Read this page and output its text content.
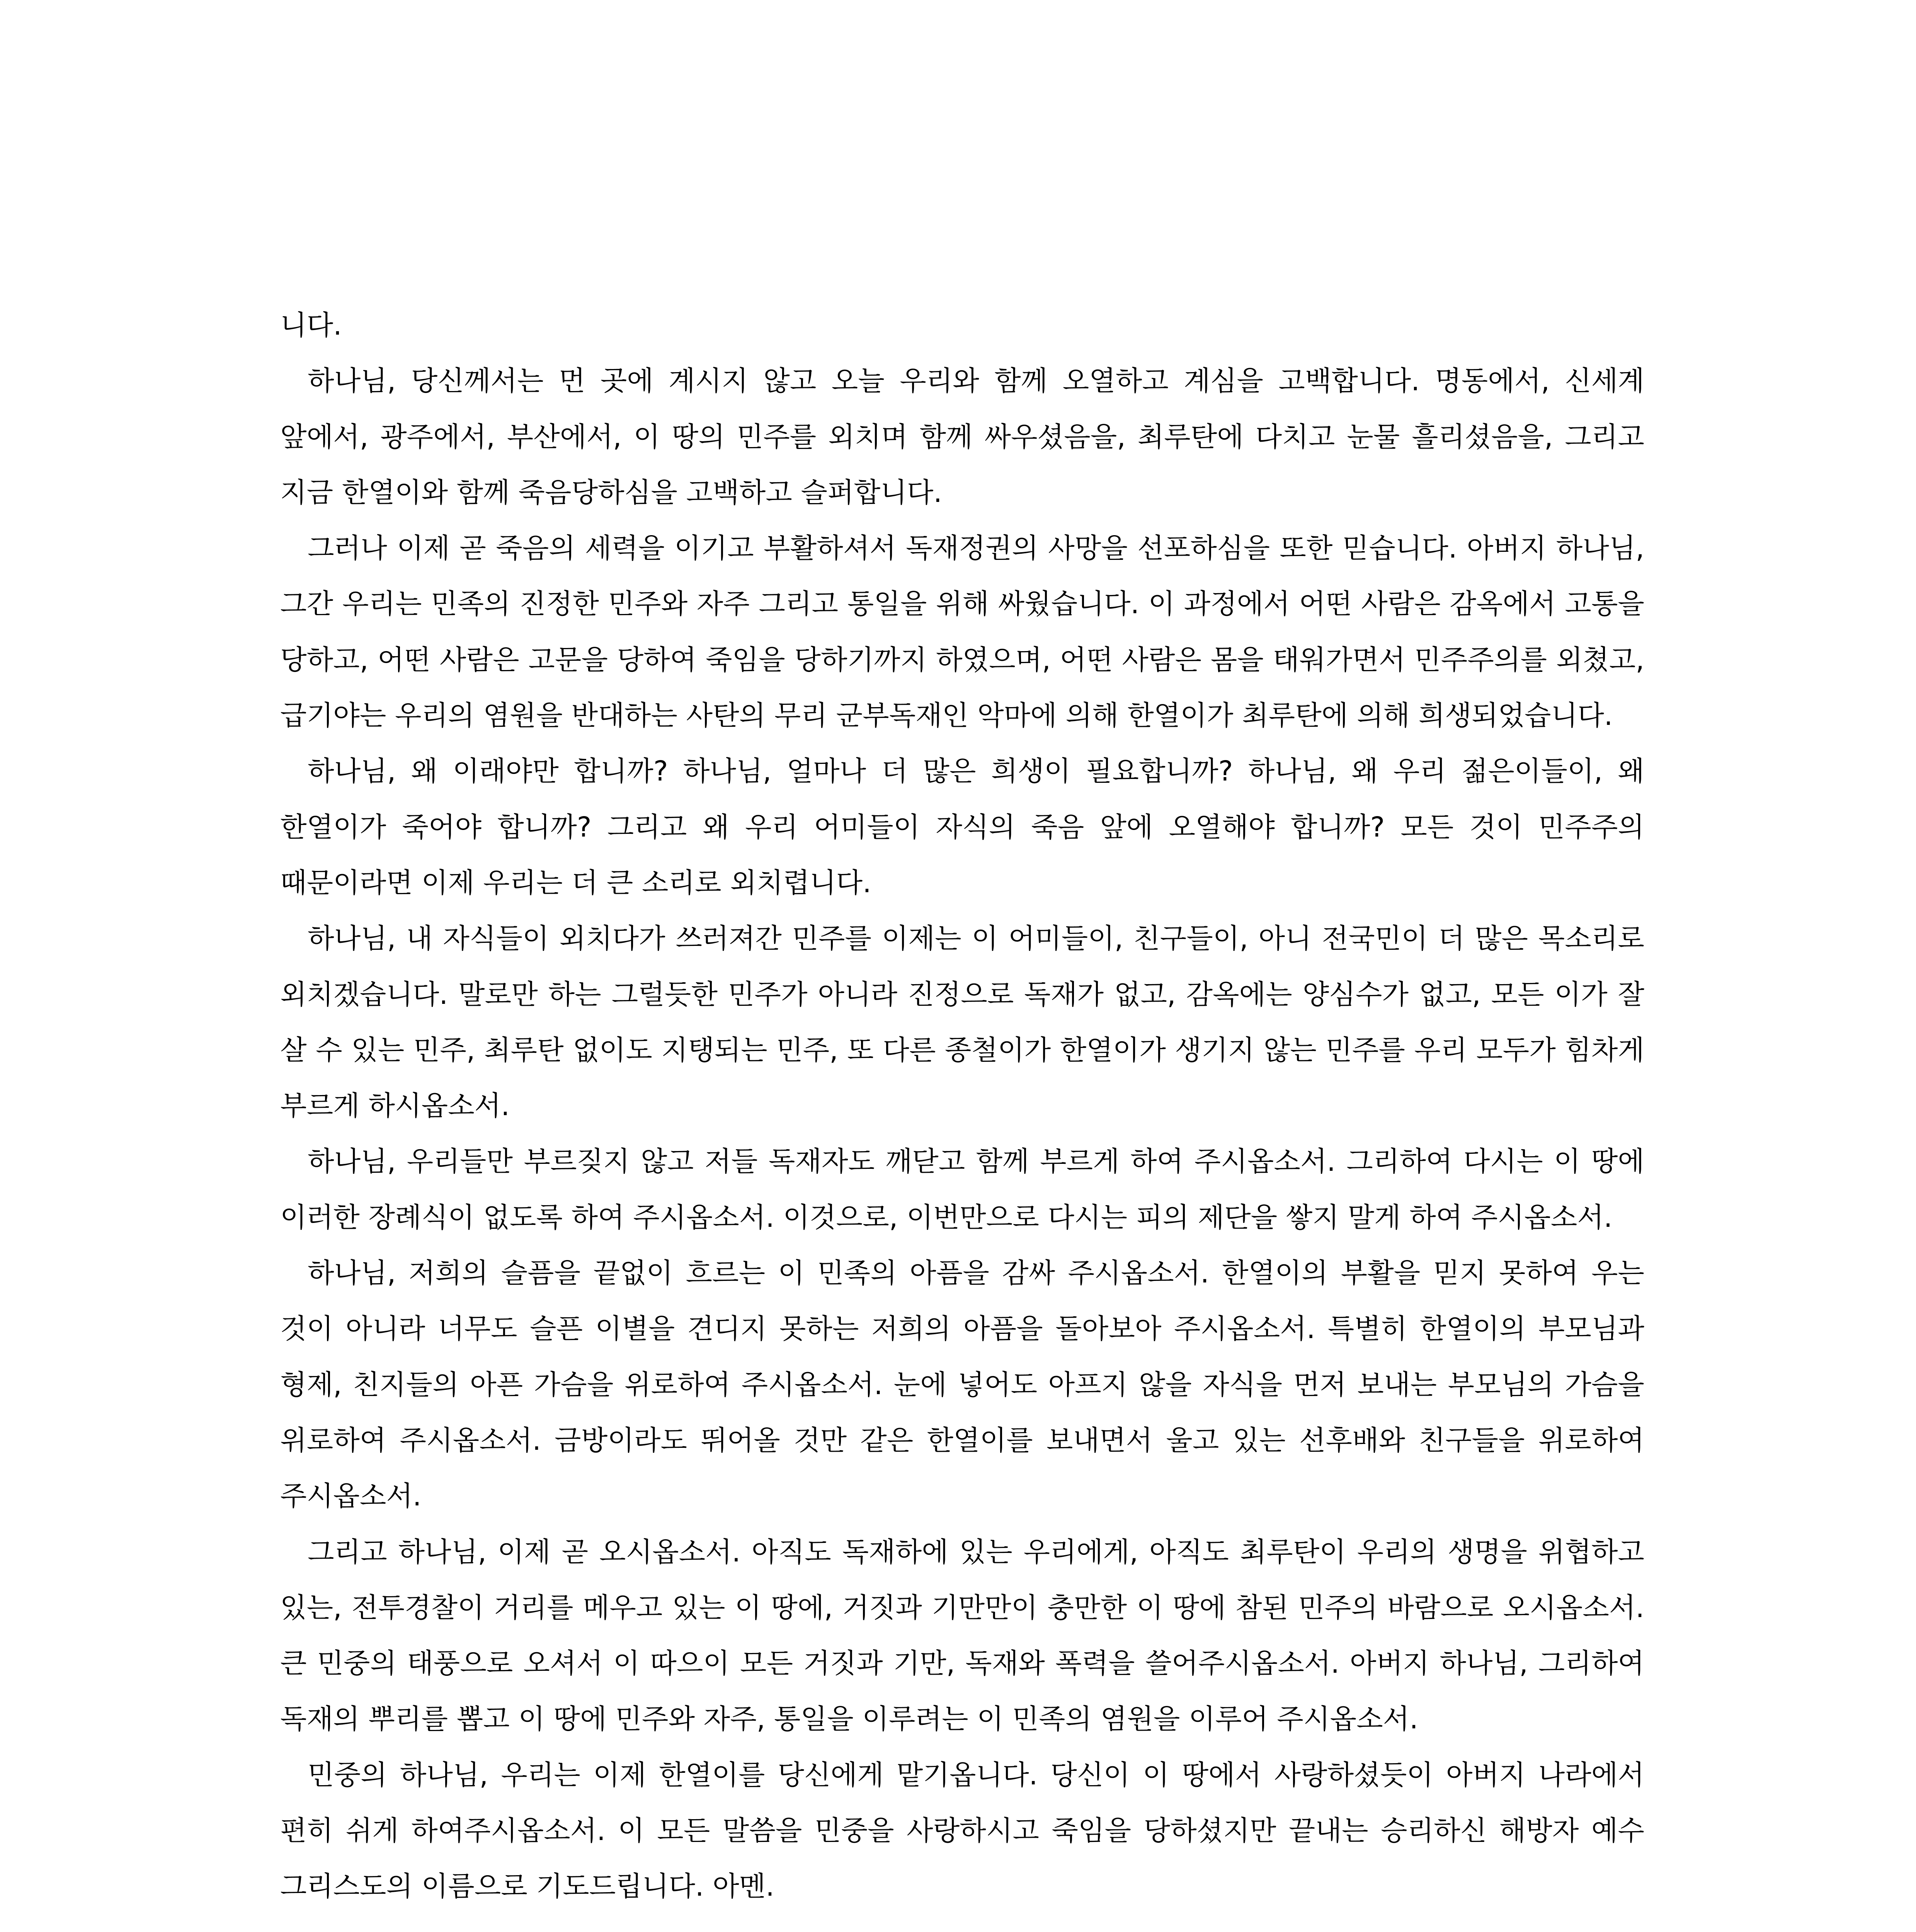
니다.

하나님, 당신께서는 먼 곳에 계시지 않고 오늘 우리와 함께 오열하고 계심을 고백합니다. 명동에서, 신세계 앞에서, 광주에서, 부산에서, 이 땅의 민주를 외치며 함께 싸우셨음을, 최루탄에 다치고 눈물 흘리셨음을, 그리고 지금 한열이와 함께 죽음당하심을 고백하고 슬퍼합니다.

그러나 이제 곧 죽음의 세력을 이기고 부활하셔서 독재정권의 사망을 선포하심을 또한 믿습니다. 아버지 하나님, 그간 우리는 민족의 진정한 민주와 자주 그리고 통일을 위해 싸웠습니다. 이 과정에서 어떤 사람은 감옥에서 고통을 당하고, 어떤 사람은 고문을 당하여 죽임을 당하기까지 하였으며, 어떤 사람은 몸을 태워가면서 민주주의를 외쳤고, 급기야는 우리의 염원을 반대하는 사탄의 무리 군부독재인 악마에 의해 한열이가 최루탄에 의해 희생되었습니다.

하나님, 왜 이래야만 합니까? 하나님, 얼마나 더 많은 희생이 필요합니까? 하나님, 왜 우리 젊은이들이, 왜 한열이가 죽어야 합니까? 그리고 왜 우리 어미들이 자식의 죽음 앞에 오열해야 합니까? 모든 것이 민주주의 때문이라면 이제 우리는 더 큰 소리로 외치렵니다.

하나님, 내 자식들이 외치다가 쓰러져간 민주를 이제는 이 어미들이, 친구들이, 아니 전국민이 더 많은 목소리로 외치겠습니다. 말로만 하는 그럴듯한 민주가 아니라 진정으로 독재가 없고, 감옥에는 양심수가 없고, 모든 이가 잘 살 수 있는 민주, 최루탄 없이도 지탱되는 민주, 또 다른 종철이가 한열이가 생기지 않는 민주를 우리 모두가 힘차게 부르게 하시옵소서.

하나님, 우리들만 부르짖지 않고 저들 독재자도 깨닫고 함께 부르게 하여 주시옵소서. 그리하여 다시는 이 땅에 이러한 장례식이 없도록 하여 주시옵소서. 이것으로, 이번만으로 다시는 피의 제단을 쌓지 말게 하여 주시옵소서.

하나님, 저희의 슬픔을 끝없이 흐르는 이 민족의 아픔을 감싸 주시옵소서. 한열이의 부활을 믿지 못하여 우는 것이 아니라 너무도 슬픈 이별을 견디지 못하는 저희의 아픔을 돌아보아 주시옵소서. 특별히 한열이의 부모님과 형제, 친지들의 아픈 가슴을 위로하여 주시옵소서. 눈에 넣어도 아프지 않을 자식을 먼저 보내는 부모님의 가슴을 위로하여 주시옵소서. 금방이라도 뛰어올 것만 같은 한열이를 보내면서 울고 있는 선후배와 친구들을 위로하여 주시옵소서.

그리고 하나님, 이제 곧 오시옵소서. 아직도 독재하에 있는 우리에게, 아직도 최루탄이 우리의 생명을 위협하고 있는, 전투경찰이 거리를 메우고 있는 이 땅에, 거짓과 기만만이 충만한 이 땅에 참된 민주의 바람으로 오시옵소서. 큰 민중의 태풍으로 오셔서 이 따으이 모든 거짓과 기만, 독재와 폭력을 쓸어주시옵소서. 아버지 하나님, 그리하여 독재의 뿌리를 뽑고 이 땅에 민주와 자주, 통일을 이루려는 이 민족의 염원을 이루어 주시옵소서.

민중의 하나님, 우리는 이제 한열이를 당신에게 맡기옵니다. 당신이 이 땅에서 사랑하셨듯이 아버지 나라에서 편히 쉬게 하여주시옵소서. 이 모든 말씀을 민중을 사랑하시고 죽임을 당하셨지만 끝내는 승리하신 해방자 예수 그리스도의 이름으로 기도드립니다. 아멘.
